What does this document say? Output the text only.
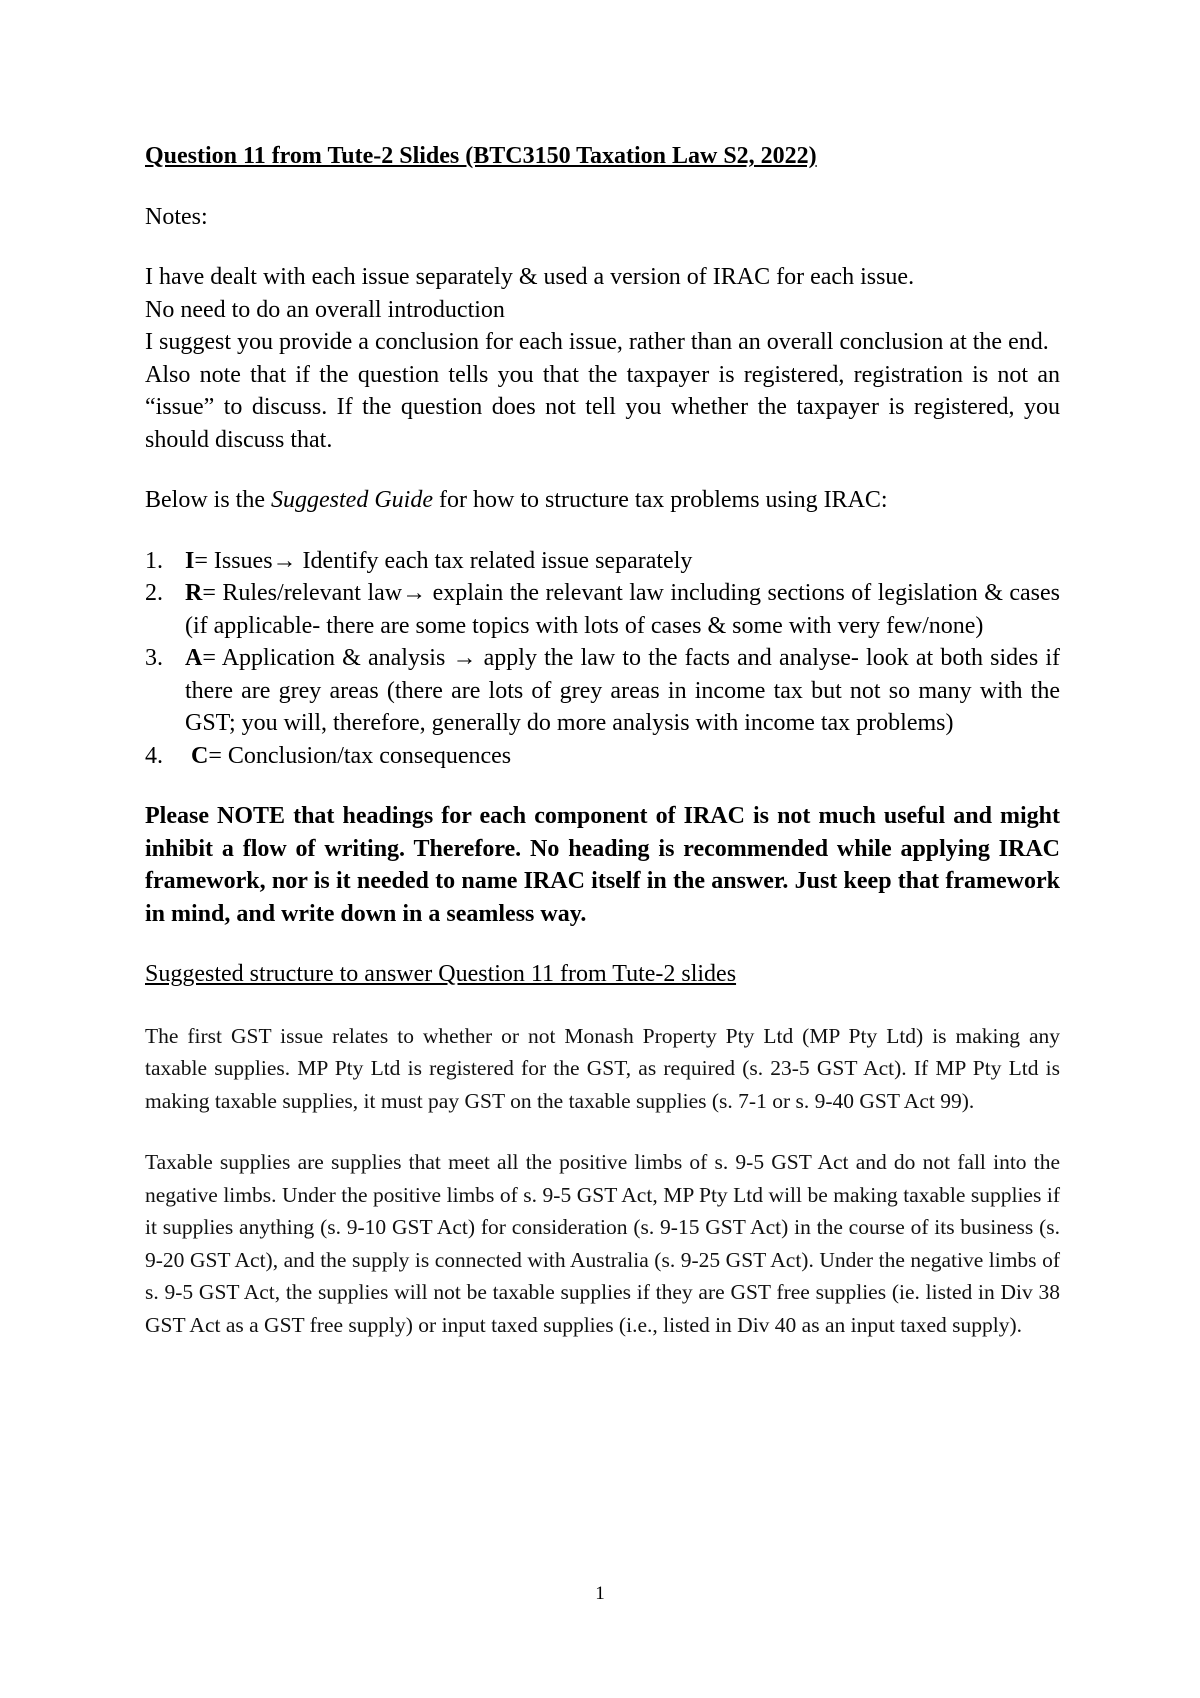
Question 11 from Tute-2 Slides (BTC3150 Taxation Law S2, 2022)

Notes:

I have dealt with each issue separately & used a version of IRAC for each issue.

No need to do an overall introduction

I suggest you provide a conclusion for each issue, rather than an overall conclusion at the end.

Also note that if the question tells you that the taxpayer is registered, registration is not an “issue” to discuss. If the question does not tell you whether the taxpayer is registered, you should discuss that.

Below is the Suggested Guide for how to structure tax problems using IRAC:

1. I= Issues→ Identify each tax related issue separately
2. R= Rules/relevant law→ explain the relevant law including sections of legislation & cases (if applicable- there are some topics with lots of cases & some with very few/none)
3. A= Application & analysis → apply the law to the facts and analyse- look at both sides if there are grey areas (there are lots of grey areas in income tax but not so many with the GST; you will, therefore, generally do more analysis with income tax problems)
4. C= Conclusion/tax consequences

Please NOTE that headings for each component of IRAC is not much useful and might inhibit a flow of writing. Therefore. No heading is recommended while applying IRAC framework, nor is it needed to name IRAC itself in the answer. Just keep that framework in mind, and write down in a seamless way.

Suggested structure to answer Question 11 from Tute-2 slides

The first GST issue relates to whether or not Monash Property Pty Ltd (MP Pty Ltd) is making any taxable supplies. MP Pty Ltd is registered for the GST, as required (s. 23-5 GST Act). If MP Pty Ltd is making taxable supplies, it must pay GST on the taxable supplies (s. 7-1 or s. 9-40 GST Act 99).

Taxable supplies are supplies that meet all the positive limbs of s. 9-5 GST Act and do not fall into the negative limbs. Under the positive limbs of s. 9-5 GST Act, MP Pty Ltd will be making taxable supplies if it supplies anything (s. 9-10 GST Act) for consideration (s. 9-15 GST Act) in the course of its business (s. 9-20 GST Act), and the supply is connected with Australia (s. 9-25 GST Act). Under the negative limbs of s. 9-5 GST Act, the supplies will not be taxable supplies if they are GST free supplies (ie. listed in Div 38 GST Act as a GST free supply) or input taxed supplies (i.e., listed in Div 40 as an input taxed supply).

1
